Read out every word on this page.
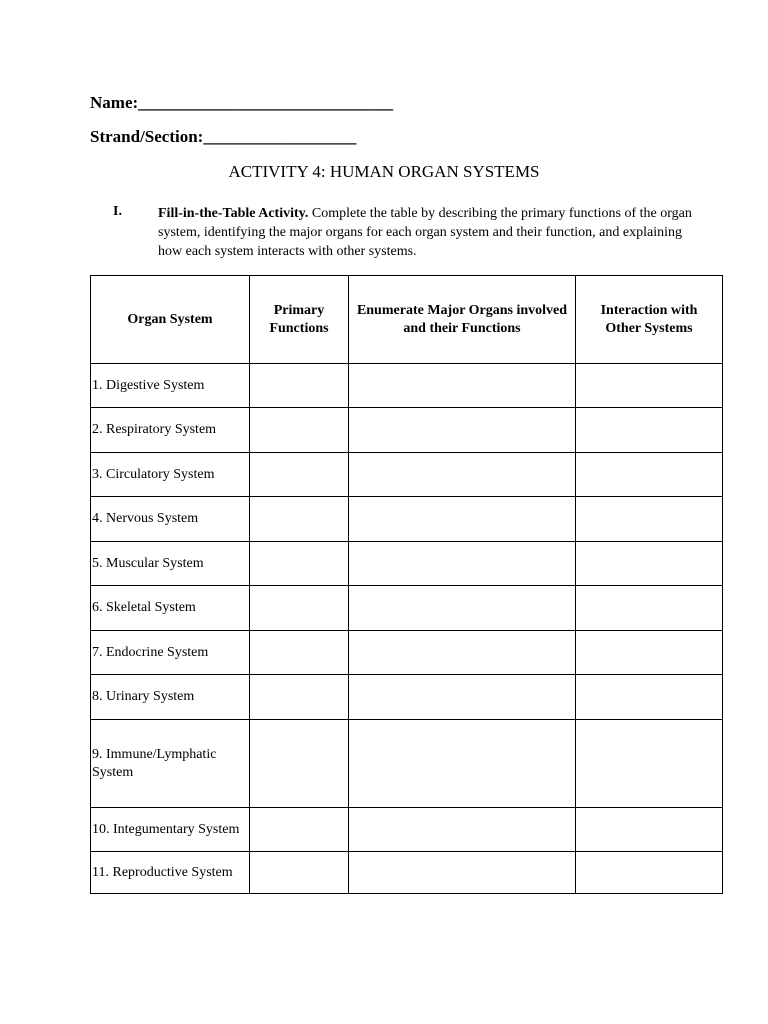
Name:______________________________
Strand/Section:__________________
ACTIVITY 4: HUMAN ORGAN SYSTEMS
I.	Fill-in-the-Table Activity. Complete the table by describing the primary functions of the organ system, identifying the major organs for each organ system and their function, and explaining how each system interacts with other systems.
Organ System	Primary Functions	Enumerate Major Organs involved and their Functions	Interaction with Other Systems
1. Digestive System			
2. Respiratory System			
3. Circulatory System			
4. Nervous System			
5. Muscular System			
6. Skeletal System			
7. Endocrine System			
8. Urinary System			
9. Immune/Lymphatic System			
10. Integumentary System			
11. Reproductive System			
